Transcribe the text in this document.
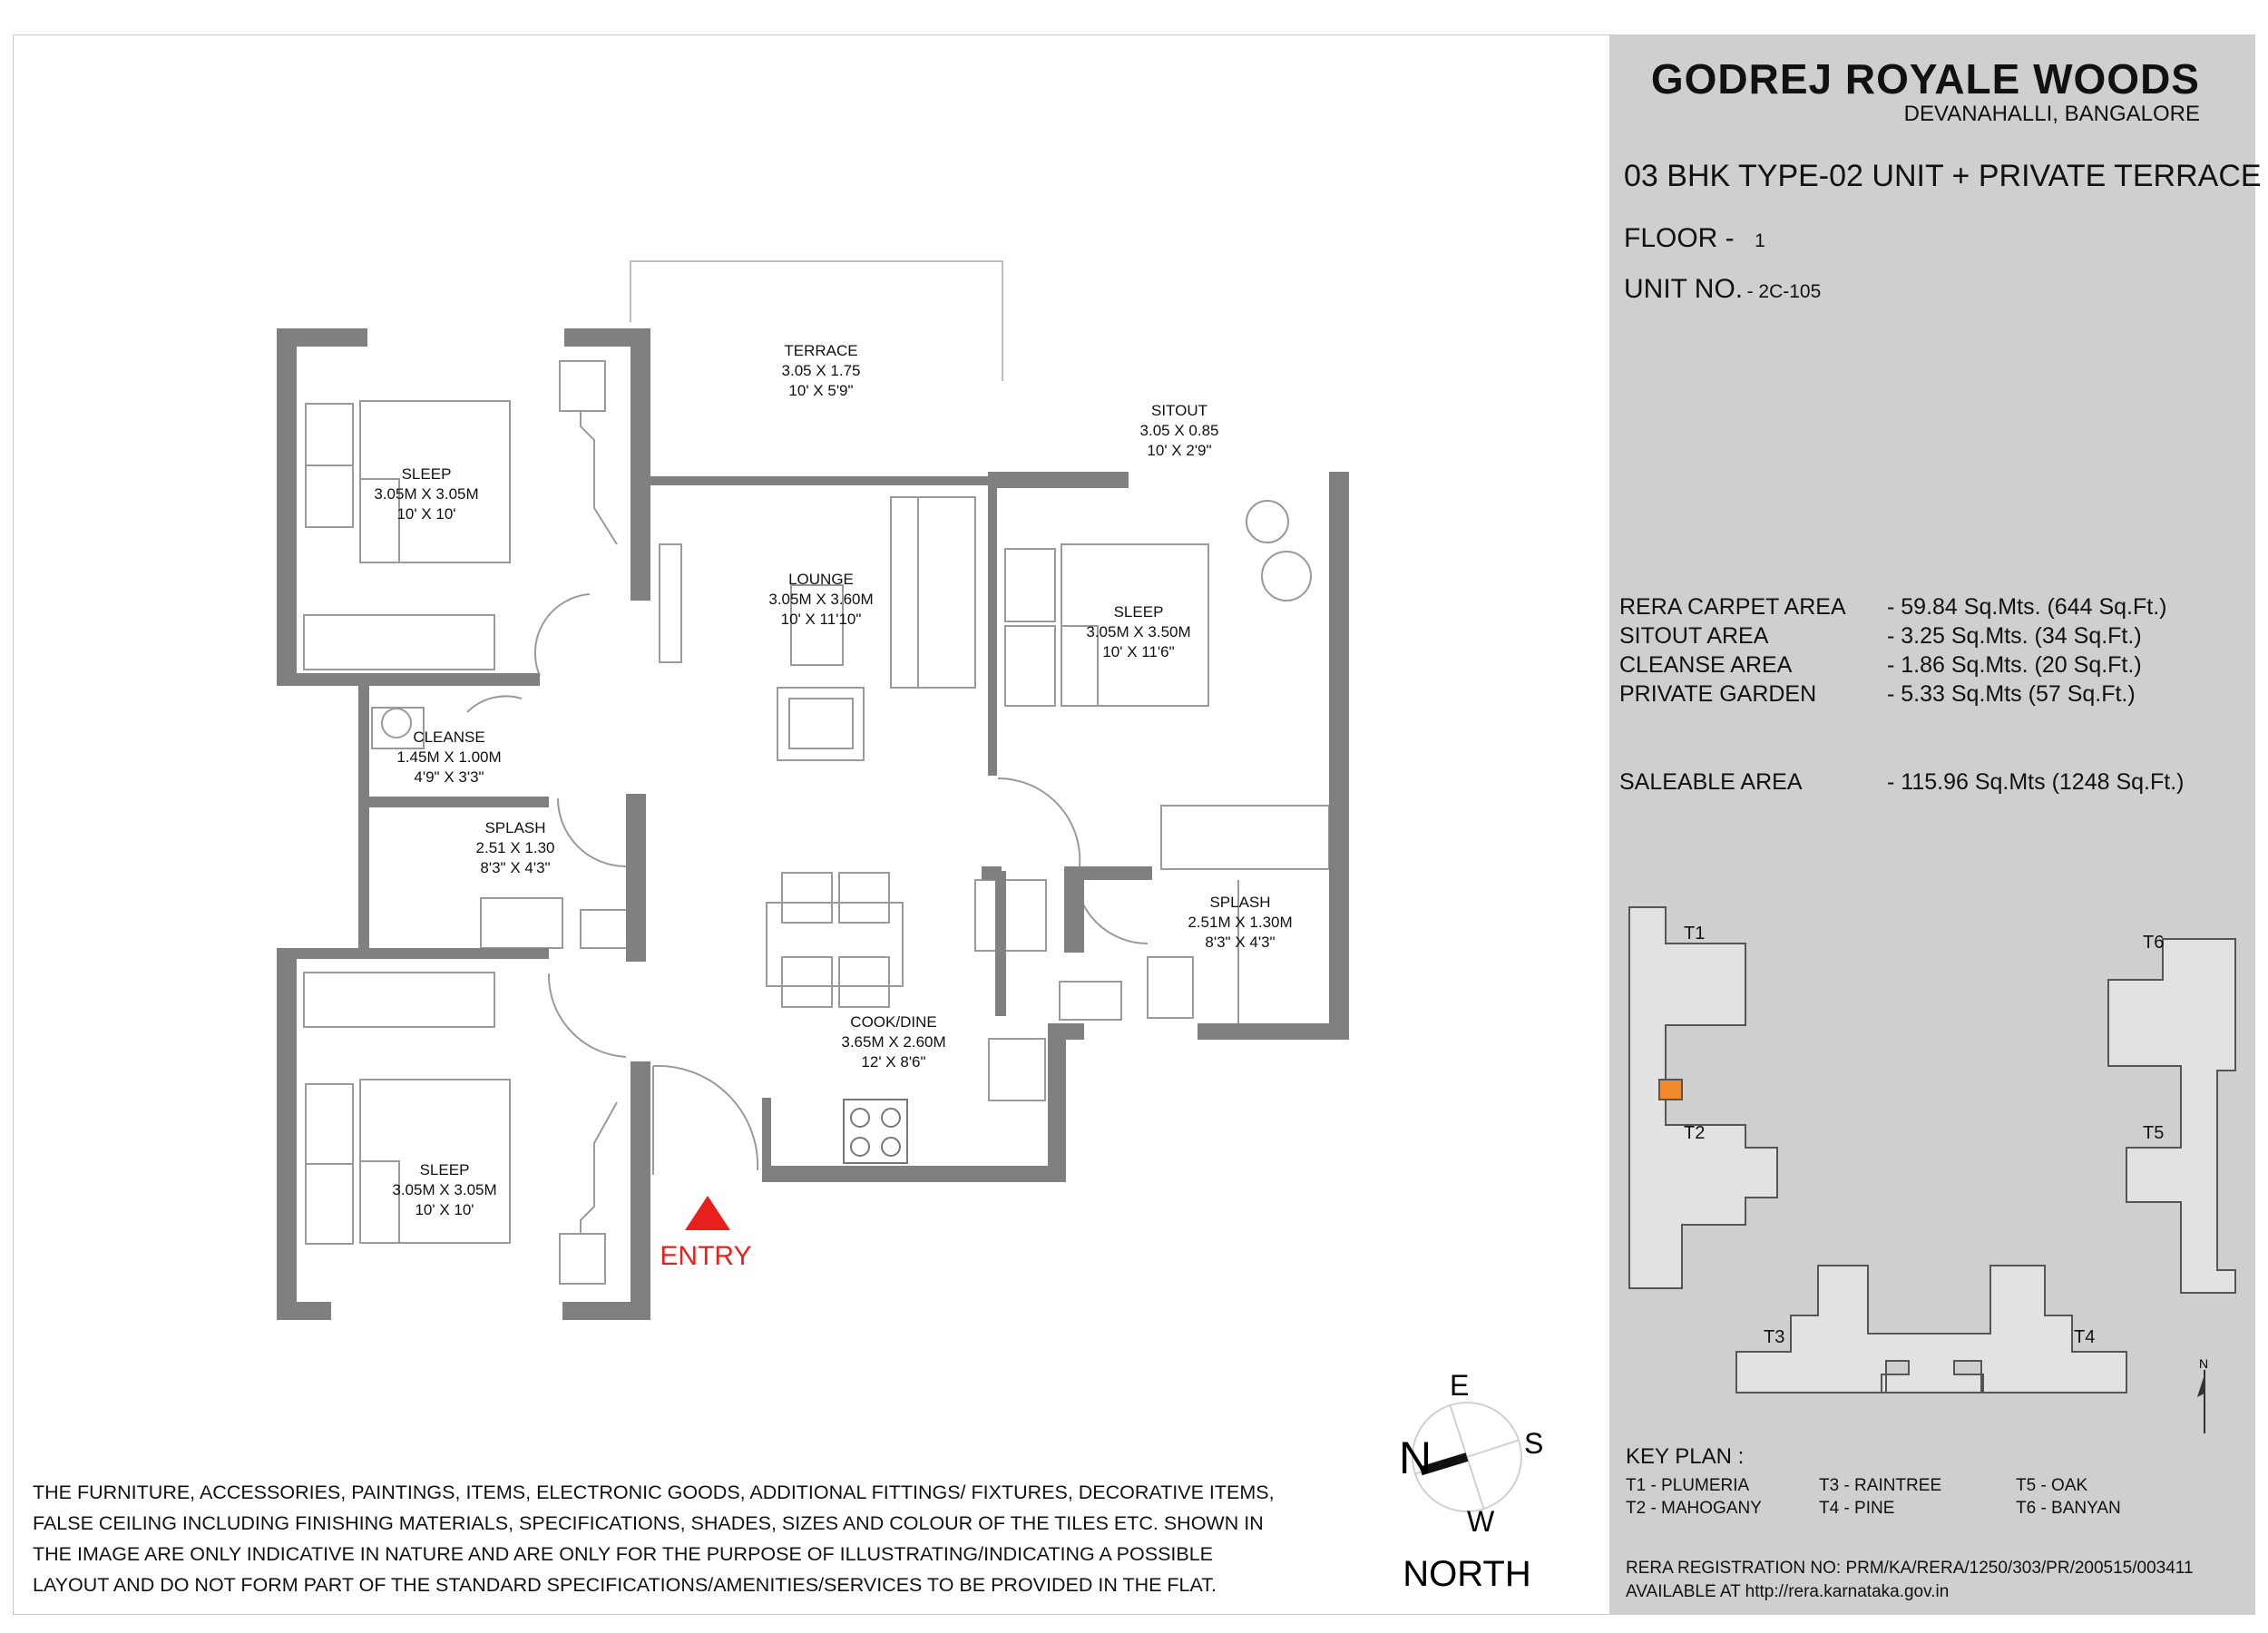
TERRACE
3.05 X 1.75
10' X 5'9"
SITOUT
3.05 X 0.85
10' X 2'9"
SLEEP
3.05M X 3.05M
10' X 10'
LOUNGE
3.05M X 3.60M
10' X 11'10"	SLEEP
3.05M X 3.50M
10' X 11'6"
CLEANSE
1.45M X 1.00M
4'9" X 3'3"
SPLASH
2.51 X 1.30
8'3" X 4'3"
SPLASH
2.51M X 1.30M
8'3" X 4'3"
COOK/DINE
3.65M X 2.60M
12' X 8'6"
SLEEP
3.05M X 3.05M
10' X 10'
ENTRY
N
E
S
W
NORTH
GODREJ ROYALE WOODS
DEVANAHALLI, BANGALORE
03 BHK TYPE-02 UNIT + PRIVATE TERRACE
FLOOR - 1
UNIT NO. - 2C-105
RERA CARPET AREA - 59.84 Sq.Mts. (644 Sq.Ft.)
SITOUT AREA	- 3.25 Sq.Mts. (34 Sq.Ft.)
CLEANSE AREA	- 1.86 Sq.Mts. (20 Sq.Ft.)
PRIVATE GARDEN	- 5.33 Sq.Mts (57 Sq.Ft.)
SALEABLE AREA	- 115.96 Sq.Mts (1248 Sq.Ft.)
T1
T2
T3	T4
T5
T6
N
KEY PLAN :
T1 - PLUMERIA
T2 - MAHOGANY
T3 - RAINTREE
T4 - PINE
T5 - OAK
T6 - BANYAN
RERA REGISTRATION NO: PRM/KA/RERA/1250/303/PR/200515/003411
AVAILABLE AT http://rera.karnataka.gov.in
THE FURNITURE, ACCESSORIES, PAINTINGS, ITEMS, ELECTRONIC GOODS, ADDITIONAL FITTINGS/ FIXTURES, DECORATIVE ITEMS,
FALSE CEILING INCLUDING FINISHING MATERIALS, SPECIFICATIONS, SHADES, SIZES AND COLOUR OF THE TILES ETC. SHOWN IN
THE IMAGE ARE ONLY INDICATIVE IN NATURE AND ARE ONLY FOR THE PURPOSE OF ILLUSTRATING/INDICATING A POSSIBLE
LAYOUT AND DO NOT FORM PART OF THE STANDARD SPECIFICATIONS/AMENITIES/SERVICES TO BE PROVIDED IN THE FLAT.
